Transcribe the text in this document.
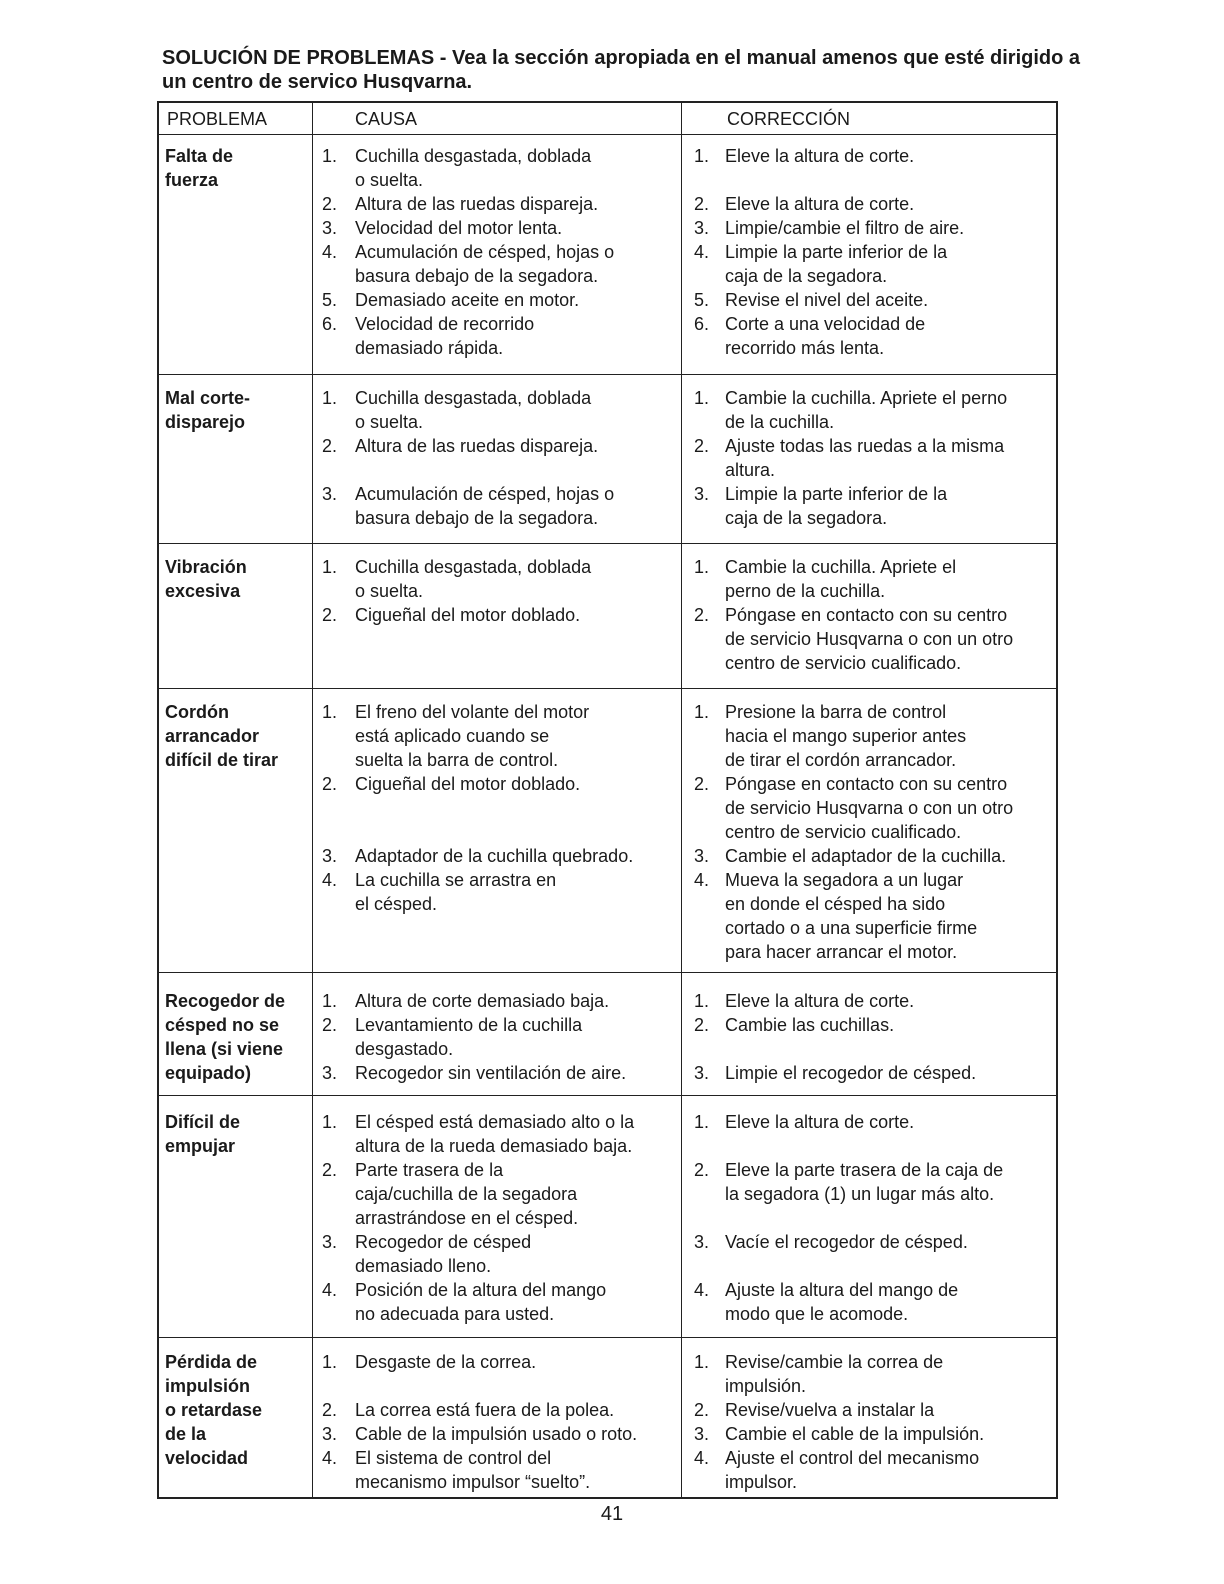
SOLUCIÓN DE PROBLEMAS - Vea la sección apropiada en el manual amenos que esté dirigido a un centro de servico Husqvarna.
PROBLEMA	CAUSA	CORRECCIÓN
Falta de
fuerza
1. Cuchilla desgastada, doblada
o suelta.
2. Altura de las ruedas dispareja.
3. Velocidad del motor lenta.
4. Acumulación de césped, hojas o
basura debajo de la segadora.
5. Demasiado aceite en motor.
6. Velocidad de recorrido
demasiado rápida.
1. Eleve la altura de corte.
2. Eleve la altura de corte.
3. Limpie/cambie el filtro de aire.
4. Limpie la parte inferior de la
caja de la segadora.
5. Revise el nivel del aceite.
6. Corte a una velocidad de
recorrido más lenta.
Mal corte-
disparejo
1. Cuchilla desgastada, doblada
o suelta.
2. Altura de las ruedas dispareja.
3. Acumulación de césped, hojas o
basura debajo de la segadora.
1. Cambie la cuchilla. Apriete el perno
de la cuchilla.
2. Ajuste todas las ruedas a la misma
altura.
3. Limpie la parte inferior de la
caja de la segadora.
Vibración
excesiva
1. Cuchilla desgastada, doblada
o suelta.
2. Cigueñal del motor doblado.
1. Cambie la cuchilla. Apriete el
perno de la cuchilla.
2. Póngase en contacto con su centro
de servicio Husqvarna o con un otro
centro de servicio cualificado.
Cordón
arrancador
difícil de tirar
1. El freno del volante del motor
está aplicado cuando se
suelta la barra de control.
2. Cigueñal del motor doblado.
3. Adaptador de la cuchilla quebrado.
4. La cuchilla se arrastra en
el césped.
1. Presione la barra de control
hacia el mango superior antes
de tirar el cordón arrancador.
2. Póngase en contacto con su centro
de servicio Husqvarna o con un otro
centro de servicio cualificado.
3. Cambie el adaptador de la cuchilla.
4. Mueva la segadora a un lugar
en donde el césped ha sido
cortado o a una superficie firme
para hacer arrancar el motor.
Recogedor de
césped no se
llena (si viene
equipado)
1. Altura de corte demasiado baja.
2. Levantamiento de la cuchilla
desgastado.
3. Recogedor sin ventilación de aire.
1. Eleve la altura de corte.
2. Cambie las cuchillas.
3. Limpie el recogedor de césped.
Difícil de
empujar
1. El césped está demasiado alto o la
altura de la rueda demasiado baja.
2. Parte trasera de la
caja/cuchilla de la segadora
arrastrándose en el césped.
3. Recogedor de césped
demasiado lleno.
4. Posición de la altura del mango
no adecuada para usted.
1. Eleve la altura de corte.
2. Eleve la parte trasera de la caja de
la segadora (1) un lugar más alto.
3. Vacíe el recogedor de césped.
4. Ajuste la altura del mango de
modo que le acomode.
Pérdida de
impulsión
o retardase
de la
velocidad
1. Desgaste de la correa.
2. La correa está fuera de la polea.
3. Cable de la impulsión usado o roto.
4. El sistema de control del
mecanismo impulsor “suelto”.
1. Revise/cambie la correa de
impulsión.
2. Revise/vuelva a instalar la
3. Cambie el cable de la impulsión.
4. Ajuste el control del mecanismo
impulsor.
41
